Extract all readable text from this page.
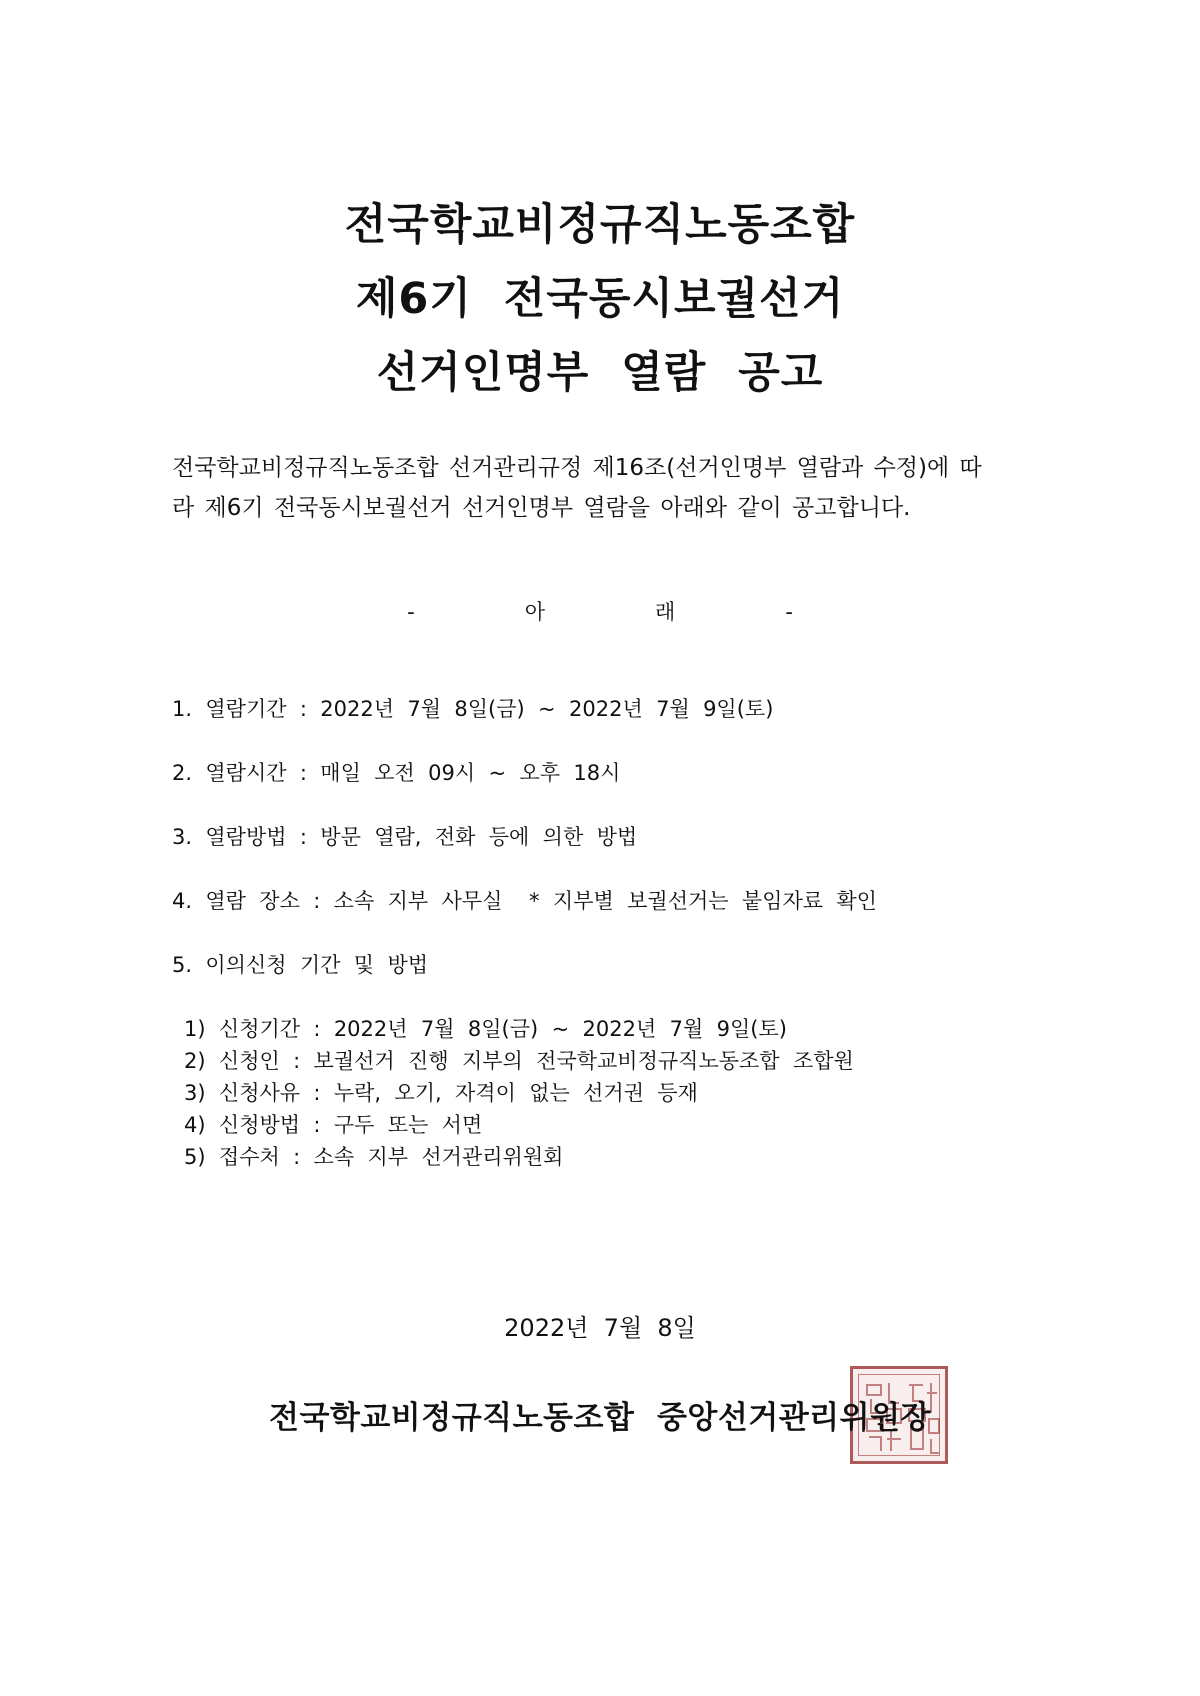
전국학교비정규직노동조합
제6기  전국동시보궐선거
선거인명부  열람  공고
전국학교비정규직노동조합 선거관리규정 제16조(선거인명부 열람과 수정)에 따
라 제6기 전국동시보궐선거 선거인명부 열람을 아래와 같이 공고합니다.
-   아   래   -
1.  열람기간  :  2022년  7월  8일(금)  ~  2022년  7월  9일(토)
2.  열람시간  :  매일  오전  09시  ~  오후  18시
3.  열람방법  :  방문  열람,  전화  등에  의한  방법
4.  열람  장소  :  소속  지부  사무실    *  지부별  보궐선거는  붙임자료  확인
5.  이의신청  기간  및  방법
1)  신청기간  :  2022년  7월  8일(금)  ~  2022년  7월  9일(토)
2)  신청인  :  보궐선거  진행  지부의  전국학교비정규직노동조합  조합원
3)  신청사유  :  누락,  오기,  자격이  없는  선거권  등재
4)  신청방법  :  구두  또는  서면
5)  접수처  :  소속  지부  선거관리위원회
2022년  7월  8일
전국학교비정규직노동조합  중앙선거관리위원장
